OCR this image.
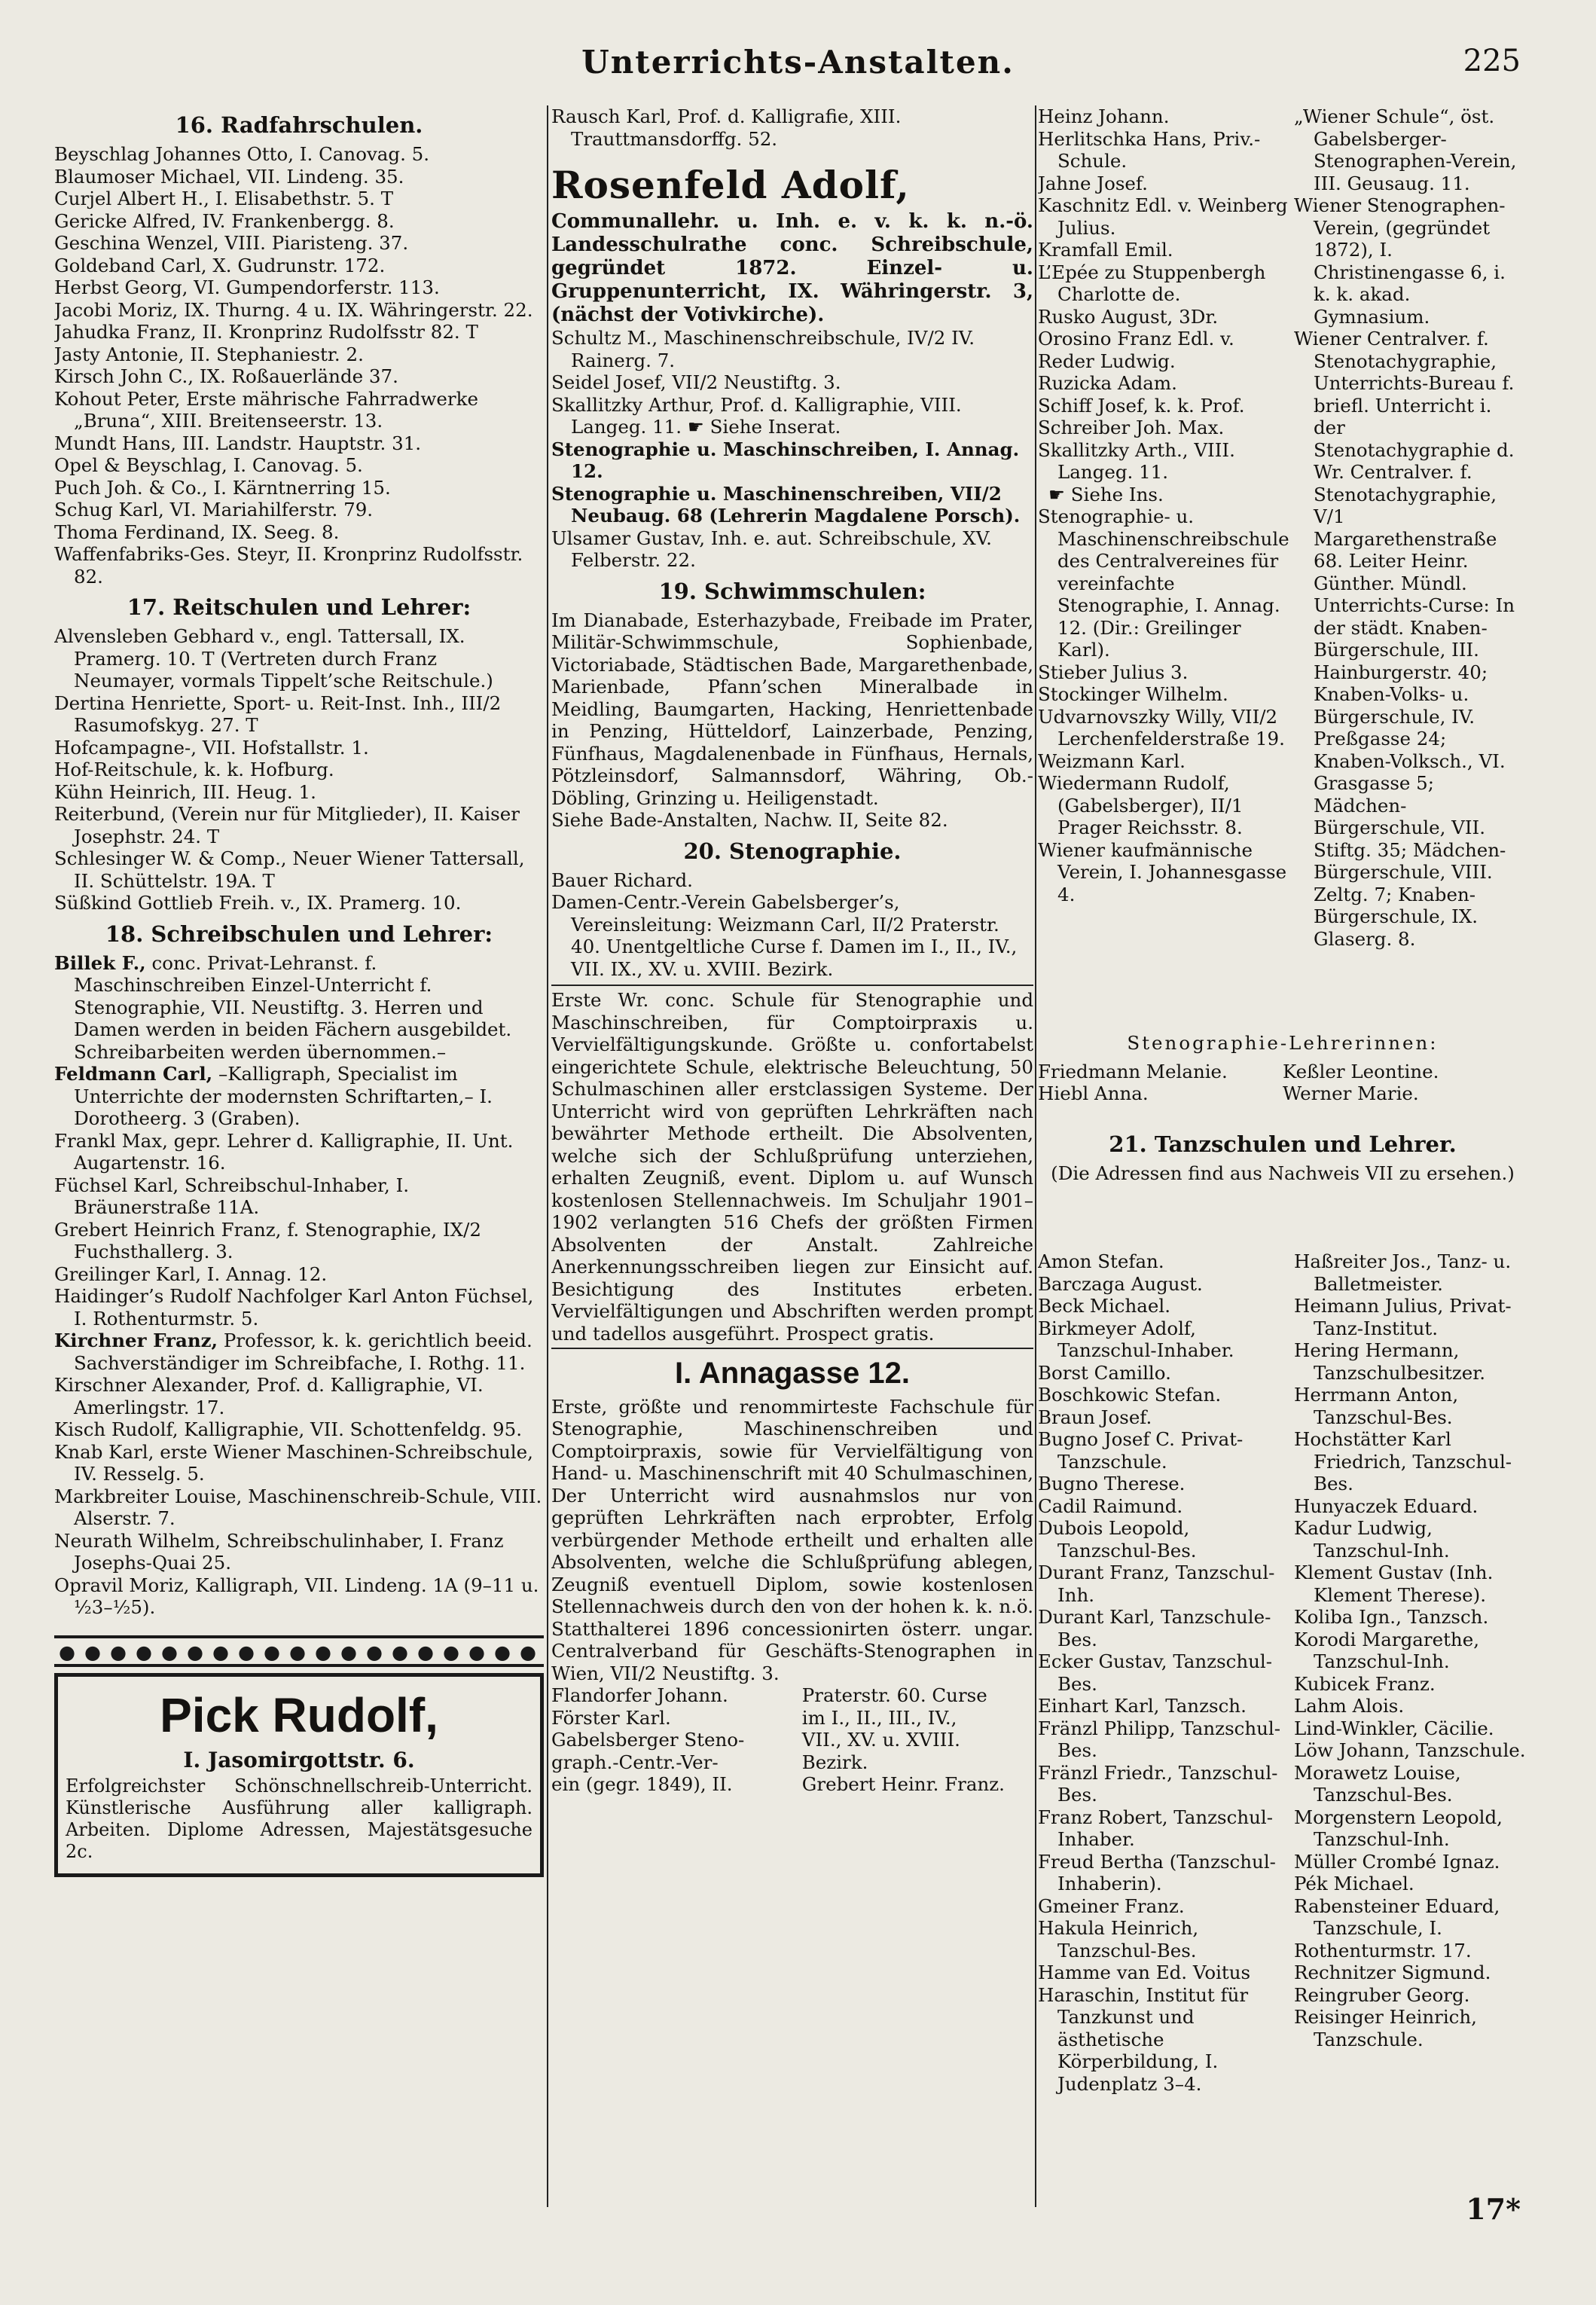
Unterrichts-Anstalten.	225
16. Radfahrschulen.

Beyschlag Johannes Otto, I. Canovag. 5.

Blaumoser Michael, VII. Lindeng. 35.

Curjel Albert H., I. Elisabethstr. 5. T

Gericke Alfred, IV. Frankenbergg. 8.

Geschina Wenzel, VIII. Piaristeng. 37.

Goldeband Carl, X. Gudrunstr. 172.

Herbst Georg, VI. Gumpendorferstr. 113.

Jacobi Moriz, IX. Thurng. 4 u. IX. Währingerstr. 22.

Jahudka Franz, II. Kronprinz Rudolfsstr 82. T

Jasty Antonie, II. Stephaniestr. 2.

Kirsch John C., IX. Roßauerlände 37.

Kohout Peter, Erste mährische Fahrradwerke „Bruna“, XIII. Breitenseerstr. 13.

Mundt Hans, III. Landstr. Hauptstr. 31.

Opel & Beyschlag, I. Canovag. 5.

Puch Joh. & Co., I. Kärntnerring 15.

Schug Karl, VI. Mariahilferstr. 79.

Thoma Ferdinand, IX. Seeg. 8.

Waffenfabriks-Ges. Steyr, II. Kronprinz Rudolfsstr. 82.

17. Reitschulen und Lehrer:

Alvensleben Gebhard v., engl. Tattersall, IX. Pramerg. 10. T (Vertreten durch Franz Neumayer, vormals Tippelt’sche Reitschule.)

Dertina Henriette, Sport- u. Reit-Inst. Inh., III/2 Rasumofskyg. 27. T

Hofcampagne-, VII. Hofstallstr. 1.

Hof-Reitschule, k. k. Hofburg.

Kühn Heinrich, III. Heug. 1.

Reiterbund, (Verein nur für Mitglieder), II. Kaiser Josephstr. 24. T

Schlesinger W. & Comp., Neuer Wiener Tattersall, II. Schüttelstr. 19A. T

Süßkind Gottlieb Freih. v., IX. Pramerg. 10.

18. Schreibschulen und Lehrer:

Billek F., conc. Privat-Lehranst. f. Maschinschreiben Einzel-Unterricht f. Stenographie, VII. Neustiftg. 3. Herren und Damen werden in beiden Fächern ausgebildet. Schreibarbeiten werden übernommen.–

Feldmann Carl, –Kalligraph, Specialist im Unterrichte der modernsten Schriftarten,– I. Dorotheerg. 3 (Graben).

Frankl Max, gepr. Lehrer d. Kalligraphie, II. Unt. Augartenstr. 16.

Füchsel Karl, Schreibschul-Inhaber, I. Bräunerstraße 11A.

Grebert Heinrich Franz, f. Stenographie, IX/2 Fuchsthallerg. 3.

Greilinger Karl, I. Annag. 12.

Haidinger’s Rudolf Nachfolger Karl Anton Füchsel, I. Rothenturmstr. 5.

Kirchner Franz, Professor, k. k. gerichtlich beeid. Sachverständiger im Schreibfache, I. Rothg. 11.

Kirschner Alexander, Prof. d. Kalligraphie, VI. Amerlingstr. 17.

Kisch Rudolf, Kalligraphie, VII. Schottenfeldg. 95.

Knab Karl, erste Wiener Maschinen-Schreibschule, IV. Resselg. 5.

Markbreiter Louise, Maschinenschreib-Schule, VIII. Alserstr. 7.

Neurath Wilhelm, Schreibschulinhaber, I. Franz Josephs-Quai 25.

Opravil Moriz, Kalligraph, VII. Lindeng. 1A (9–11 u. ½3–½5).

Pick Rudolf,
I. Jasomirgottstr. 6.
Erfolgreichster Schönschnellschreib-Unterricht. Künstlerische Ausführung aller kalligraph. Arbeiten. Diplome Adressen, Majestätsgesuche 2c.

Rausch Karl, Prof. d. Kalligrafie, XIII. Trauttmansdorffg. 52.

Rosenfeld Adolf,

Communallehr. u. Inh. e. v. k. k. n.-ö. Landesschulrathe conc. Schreibschule, gegründet 1872. Einzel- u. Gruppenunterricht, IX. Währingerstr. 3, (nächst der Votivkirche).

Schultz M., Maschinenschreibschule, IV/2 IV. Rainerg. 7.

Seidel Josef, VII/2 Neustiftg. 3.

Skallitzky Arthur, Prof. d. Kalligraphie, VIII. Langeg. 11. ☛ Siehe Inserat.

Stenographie u. Maschinschreiben, I. Annag. 12.

Stenographie u. Maschinenschreiben, VII/2 Neubaug. 68 (Lehrerin Magdalene Porsch).

Ulsamer Gustav, Inh. e. aut. Schreibschule, XV. Felberstr. 22.

19. Schwimmschulen:

Im Dianabade, Esterhazybade, Freibade im Prater, Militär-Schwimmschule, Sophienbade, Victoriabade, Städtischen Bade, Margarethenbade, Marienbade, Pfann’schen Mineralbade in Meidling, Baumgarten, Hacking, Henriettenbade in Penzing, Hütteldorf, Lainzerbade, Penzing, Fünfhaus, Magdalenenbade in Fünfhaus, Hernals, Pötzleinsdorf, Salmannsdorf, Währing, Ob.-Döbling, Grinzing u. Heiligenstadt.

Siehe Bade-Anstalten, Nachw. II, Seite 82.

20. Stenographie.

Bauer Richard.

Damen-Centr.-Verein Gabelsberger’s, Vereinsleitung: Weizmann Carl, II/2 Praterstr. 40. Unentgeltliche Curse f. Damen im I., II., IV., VII. IX., XV. u. XVIII. Bezirk.

Erste Wr. conc. Schule für Stenographie und Maschinschreiben, für Comptoirpraxis u. Vervielfältigungskunde. Größte u. confortabelst eingerichtete Schule, elektrische Beleuchtung, 50 Schulmaschinen aller erstclassigen Systeme. Der Unterricht wird von geprüften Lehrkräften nach bewährter Methode ertheilt. Die Absolventen, welche sich der Schlußprüfung unterziehen, erhalten Zeugniß, event. Diplom u. auf Wunsch kostenlosen Stellennachweis. Im Schuljahr 1901–1902 verlangten 516 Chefs der größten Firmen Absolventen der Anstalt. Zahlreiche Anerkennungsschreiben liegen zur Einsicht auf. Besichtigung des Institutes erbeten. Vervielfältigungen und Abschriften werden prompt und tadellos ausgeführt. Prospect gratis.

I. Annagasse 12.

Erste, größte und renommirteste Fachschule für Stenographie, Maschinenschreiben und Comptoirpraxis, sowie für Vervielfältigung von Hand- u. Maschinenschrift mit 40 Schulmaschinen, Der Unterricht wird ausnahmslos nur von geprüften Lehrkräften nach erprobter, Erfolg verbürgender Methode ertheilt und erhalten alle Absolventen, welche die Schlußprüfung ablegen, Zeugniß eventuell Diplom, sowie kostenlosen Stellennachweis durch den von der hohen k. k. n.ö. Statthalterei 1896 concessionirten österr. ungar. Centralverband für Geschäfts-Stenographen in Wien, VII/2 Neustiftg. 3.

Flandorfer Johann.	Praterstr. 60. Curse
Förster Karl.	im I., II., III., IV.,
Gabelsberger Steno-	VII., XV. u. XVIII.
graph.-Centr.-Ver-	Bezirk.
ein (gegr. 1849), II.	Grebert Heinr. Franz.

Heinz Johann.

Herlitschka Hans, Priv.-Schule.

Jahne Josef.

Kaschnitz Edl. v. Weinberg Julius.

Kramfall Emil.

L’Epée zu Stuppenbergh Charlotte de.

Rusko August, 3Dr.

Orosino Franz Edl. v.

Reder Ludwig.

Ruzicka Adam.

Schiff Josef, k. k. Prof.

Schreiber Joh. Max.

Skallitzky Arth., VIII. Langeg. 11.

☛ Siehe Ins.

Stenographie- u. Maschinenschreibschule des Centralvereines für vereinfachte Stenographie, I. Annag. 12. (Dir.: Greilinger Karl).

Stieber Julius 3.

Stockinger Wilhelm.

Udvarnovszky Willy, VII/2 Lerchenfelderstraße 19.

Weizmann Karl.

Wiedermann Rudolf, (Gabelsberger), II/1 Prager Reichsstr. 8.

Wiener kaufmännische Verein, I. Johannesgasse 4.

„Wiener Schule“, öst. Gabelsberger-Stenographen-Verein, III. Geusaug. 11.

Wiener Stenographen-Verein, (gegründet 1872), I. Christinengasse 6, i. k. k. akad. Gymnasium.

Wiener Centralver. f. Stenotachygraphie, Unterrichts-Bureau f. briefl. Unterricht i. der Stenotachygraphie d. Wr. Centralver. f. Stenotachygraphie, V/1 Margarethenstraße 68. Leiter Heinr. Günther. Mündl. Unterrichts-Curse: In der städt. Knaben-Bürgerschule, III. Hainburgerstr. 40; Knaben-Volks- u. Bürgerschule, IV. Preßgasse 24; Knaben-Volksch., VI. Grasgasse 5; Mädchen-Bürgerschule, VII. Stiftg. 35; Mädchen-Bürgerschule, VIII. Zeltg. 7; Knaben-Bürgerschule, IX. Glaserg. 8.

Stenographie-Lehrerinnen:
Friedmann Melanie.	Keßler Leontine.
Hiebl Anna.	Werner Marie.
21. Tanzschulen und Lehrer.

(Die Adressen find aus Nachweis VII zu ersehen.)

Amon Stefan.

Barczaga August.

Beck Michael.

Birkmeyer Adolf, Tanzschul-Inhaber.

Borst Camillo.

Boschkowic Stefan.

Braun Josef.

Bugno Josef C. Privat-Tanzschule.

Bugno Therese.

Cadil Raimund.

Dubois Leopold, Tanzschul-Bes.

Durant Franz, Tanzschul-Inh.

Durant Karl, Tanzschule-Bes.

Ecker Gustav, Tanzschul-Bes.

Einhart Karl, Tanzsch.

Fränzl Philipp, Tanzschul-Bes.

Fränzl Friedr., Tanzschul-Bes.

Franz Robert, Tanzschul-Inhaber.

Freud Bertha (Tanzschul-Inhaberin).

Gmeiner Franz.

Hakula Heinrich, Tanzschul-Bes.

Hamme van Ed. Voitus

Haraschin, Institut für Tanzkunst und ästhetische Körperbildung, I. Judenplatz 3–4.

Haßreiter Jos., Tanz- u. Balletmeister.

Heimann Julius, Privat-Tanz-Institut.

Hering Hermann, Tanzschulbesitzer.

Herrmann Anton, Tanzschul-Bes.

Hochstätter Karl Friedrich, Tanzschul-Bes.

Hunyaczek Eduard.

Kadur Ludwig, Tanzschul-Inh.

Klement Gustav (Inh. Klement Therese).

Koliba Ign., Tanzsch.

Korodi Margarethe, Tanzschul-Inh.

Kubicek Franz.

Lahm Alois.

Lind-Winkler, Cäcilie.

Löw Johann, Tanzschule.

Morawetz Louise, Tanzschul-Bes.

Morgenstern Leopold, Tanzschul-Inh.

Müller Crombé Ignaz.

Pék Michael.

Rabensteiner Eduard, Tanzschule, I.

Rothenturmstr. 17.

Rechnitzer Sigmund.

Reingruber Georg.

Reisinger Heinrich, Tanzschule.

17*
